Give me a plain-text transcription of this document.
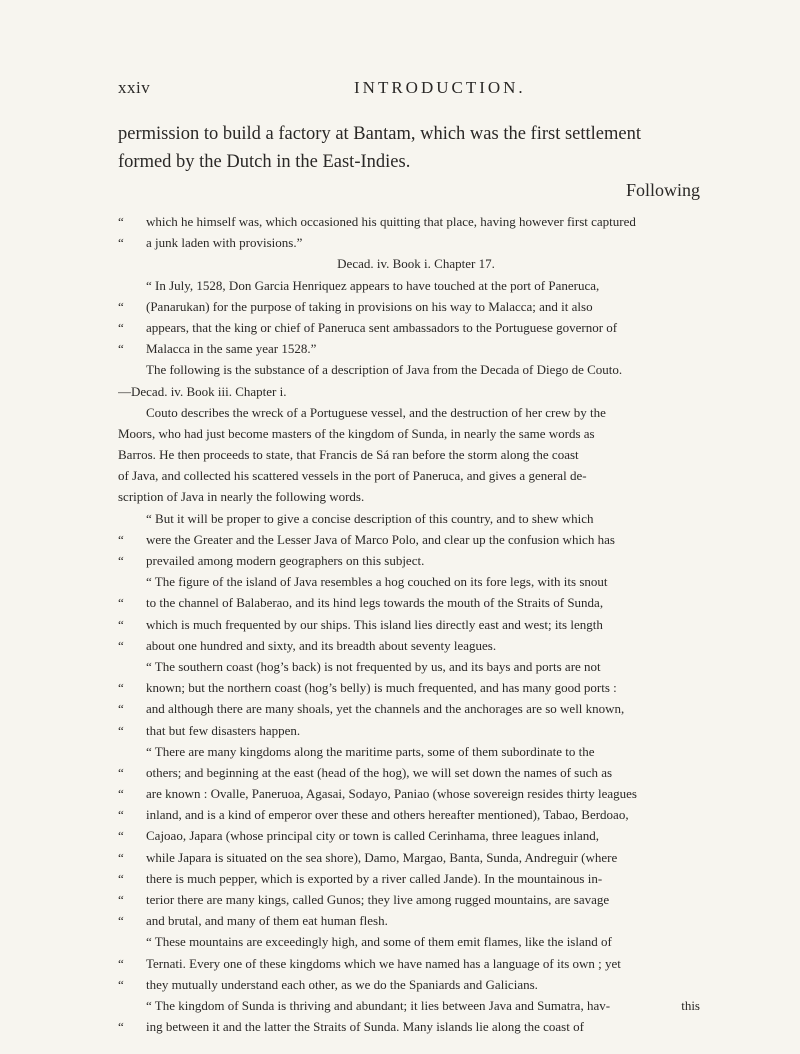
xxiv	INTRODUCTION.
permission to build a factory at Bantam, which was the first settlement
formed by the Dutch in the East-Indies.
Following
“ which he himself was, which occasioned his quitting that place, having however first captured
“ a junk laden with provisions.”
Decad. iv. Book i. Chapter 17.
“ In July, 1528, Don Garcia Henriquez appears to have touched at the port of Paneruca,
“ (Panarukan) for the purpose of taking in provisions on his way to Malacca; and it also
“ appears, that the king or chief of Paneruca sent ambassadors to the Portuguese governor of
“ Malacca in the same year 1528.”
The following is the substance of a description of Java from the Decada of Diego de Couto.
—Decad. iv. Book iii. Chapter i.
Couto describes the wreck of a Portuguese vessel, and the destruction of her crew by the
Moors, who had just become masters of the kingdom of Sunda, in nearly the same words as
Barros. He then proceeds to state, that Francis de Sá ran before the storm along the coast
of Java, and collected his scattered vessels in the port of Paneruca, and gives a general de-
scription of Java in nearly the following words.
“ But it will be proper to give a concise description of this country, and to shew which
“ were the Greater and the Lesser Java of Marco Polo, and clear up the confusion which has
“ prevailed among modern geographers on this subject.
“ The figure of the island of Java resembles a hog couched on its fore legs, with its snout
“ to the channel of Balaberao, and its hind legs towards the mouth of the Straits of Sunda,
“ which is much frequented by our ships. This island lies directly east and west; its length
“ about one hundred and sixty, and its breadth about seventy leagues.
“ The southern coast (hog’s back) is not frequented by us, and its bays and ports are not
“ known; but the northern coast (hog’s belly) is much frequented, and has many good ports :
“ and although there are many shoals, yet the channels and the anchorages are so well known,
“ that but few disasters happen.
“ There are many kingdoms along the maritime parts, some of them subordinate to the
“ others; and beginning at the east (head of the hog), we will set down the names of such as
“ are known : Ovalle, Paneruoa, Agasai, Sodayo, Paniao (whose sovereign resides thirty leagues
“ inland, and is a kind of emperor over these and others hereafter mentioned), Tabao, Berdoao,
“ Cajoao, Japara (whose principal city or town is called Cerinhama, three leagues inland,
“ while Japara is situated on the sea shore), Damo, Margao, Banta, Sunda, Andreguir (where
“ there is much pepper, which is exported by a river called Jande). In the mountainous in-
“ terior there are many kings, called Gunos; they live among rugged mountains, are savage
“ and brutal, and many of them eat human flesh.
“ These mountains are exceedingly high, and some of them emit flames, like the island of
“ Ternati. Every one of these kingdoms which we have named has a language of its own ; yet
“ they mutually understand each other, as we do the Spaniards and Galicians.
“ The kingdom of Sunda is thriving and abundant; it lies between Java and Sumatra, hav-
“ ing between it and the latter the Straits of Sunda. Many islands lie along the coast of
this
